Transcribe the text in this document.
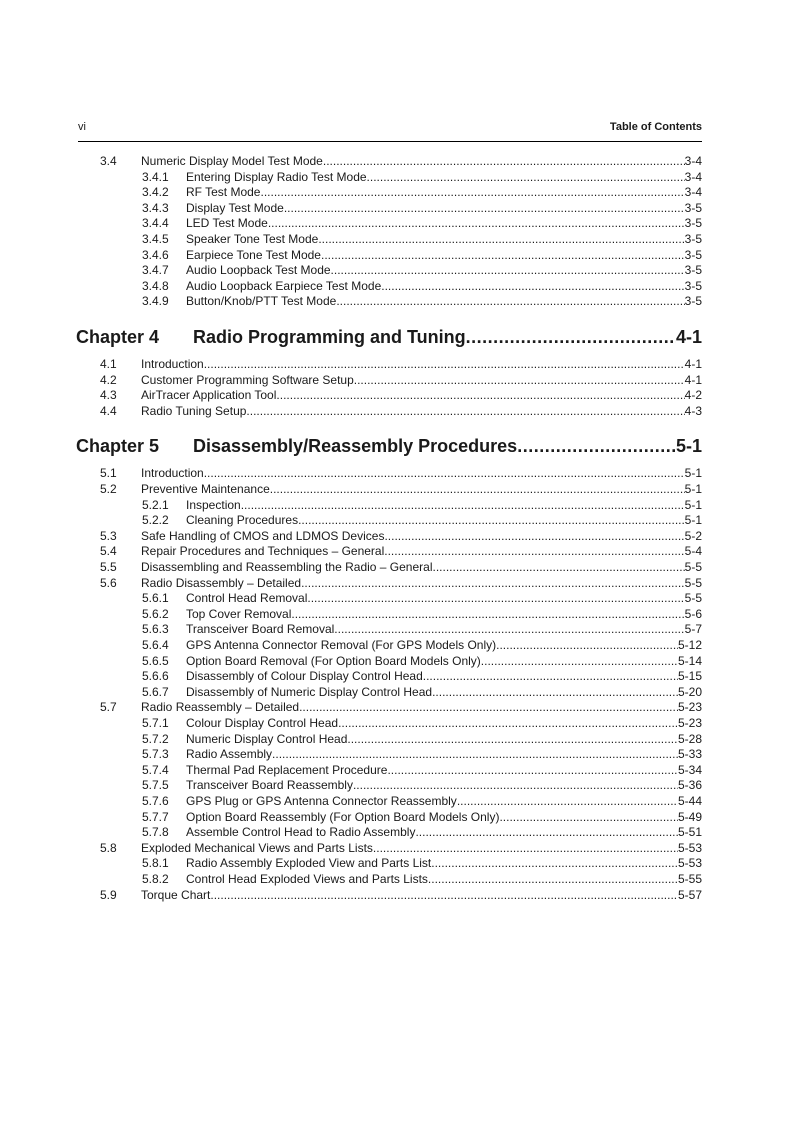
vi	Table of Contents
3.4 Numeric Display Model Test Mode .....	3-4
3.4.1 Entering Display Radio Test Mode .....	3-4
3.4.2 RF Test Mode .....	3-4
3.4.3 Display Test Mode .....	3-5
3.4.4 LED Test Mode .....	3-5
3.4.5 Speaker Tone Test Mode .....	3-5
3.4.6 Earpiece Tone Test Mode .....	3-5
3.4.7 Audio Loopback Test Mode .....	3-5
3.4.8 Audio Loopback Earpiece Test Mode .....	3-5
3.4.9 Button/Knob/PTT Test Mode .....	3-5
Chapter 4 Radio Programming and Tuning .....	4-1
4.1 Introduction .....	4-1
4.2 Customer Programming Software Setup .....	4-1
4.3 AirTracer Application Tool .....	4-2
4.4 Radio Tuning Setup .....	4-3
Chapter 5 Disassembly/Reassembly Procedures .....	5-1
5.1 Introduction .....	5-1
5.2 Preventive Maintenance .....	5-1
5.2.1 Inspection .....	5-1
5.2.2 Cleaning Procedures .....	5-1
5.3 Safe Handling of CMOS and LDMOS Devices .....	5-2
5.4 Repair Procedures and Techniques – General .....	5-4
5.5 Disassembling and Reassembling the Radio – General .....	5-5
5.6 Radio Disassembly – Detailed .....	5-5
5.6.1 Control Head Removal .....	5-5
5.6.2 Top Cover Removal .....	5-6
5.6.3 Transceiver Board Removal .....	5-7
5.6.4 GPS Antenna Connector Removal (For GPS Models Only) .....	5-12
5.6.5 Option Board Removal (For Option Board Models Only) .....	5-14
5.6.6 Disassembly of Colour Display Control Head .....	5-15
5.6.7 Disassembly of Numeric Display Control Head .....	5-20
5.7 Radio Reassembly – Detailed .....	5-23
5.7.1 Colour Display Control Head .....	5-23
5.7.2 Numeric Display Control Head .....	5-28
5.7.3 Radio Assembly .....	5-33
5.7.4 Thermal Pad Replacement Procedure .....	5-34
5.7.5 Transceiver Board Reassembly .....	5-36
5.7.6 GPS Plug or GPS Antenna Connector Reassembly .....	5-44
5.7.7 Option Board Reassembly (For Option Board Models Only) .....	5-49
5.7.8 Assemble Control Head to Radio Assembly .....	5-51
5.8 Exploded Mechanical Views and Parts Lists .....	5-53
5.8.1 Radio Assembly Exploded View and Parts List .....	5-53
5.8.2 Control Head Exploded Views and Parts Lists .....	5-55
5.9 Torque Chart .....	5-57
